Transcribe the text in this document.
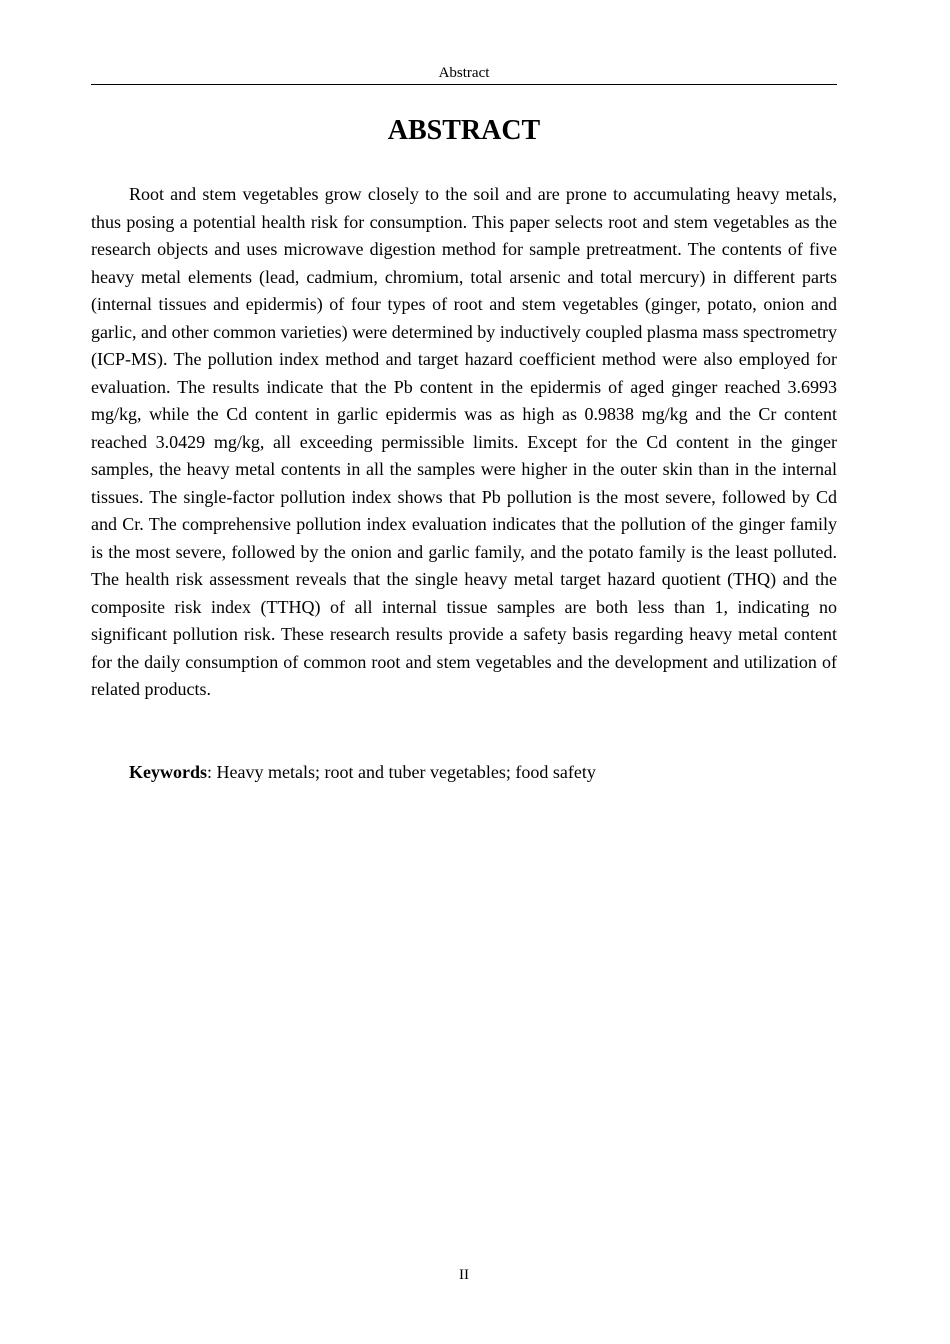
Abstract
ABSTRACT

Root and stem vegetables grow closely to the soil and are prone to accumulating heavy metals, thus posing a potential health risk for consumption. This paper selects root and stem vegetables as the research objects and uses microwave digestion method for sample pretreatment. The contents of five heavy metal elements (lead, cadmium, chromium, total arsenic and total mercury) in different parts (internal tissues and epidermis) of four types of root and stem vegetables (ginger, potato, onion and garlic, and other common varieties) were determined by inductively coupled plasma mass spectrometry (ICP-MS). The pollution index method and target hazard coefficient method were also employed for evaluation. The results indicate that the Pb content in the epidermis of aged ginger reached 3.6993 mg/kg, while the Cd content in garlic epidermis was as high as 0.9838 mg/kg and the Cr content reached 3.0429 mg/kg, all exceeding permissible limits. Except for the Cd content in the ginger samples, the heavy metal contents in all the samples were higher in the outer skin than in the internal tissues. The single-factor pollution index shows that Pb pollution is the most severe, followed by Cd and Cr. The comprehensive pollution index evaluation indicates that the pollution of the ginger family is the most severe, followed by the onion and garlic family, and the potato family is the least polluted. The health risk assessment reveals that the single heavy metal target hazard quotient (THQ) and the composite risk index (TTHQ) of all internal tissue samples are both less than 1, indicating no significant pollution risk. These research results provide a safety basis regarding heavy metal content for the daily consumption of common root and stem vegetables and the development and utilization of related products.

Keywords: Heavy metals; root and tuber vegetables; food safety

II
